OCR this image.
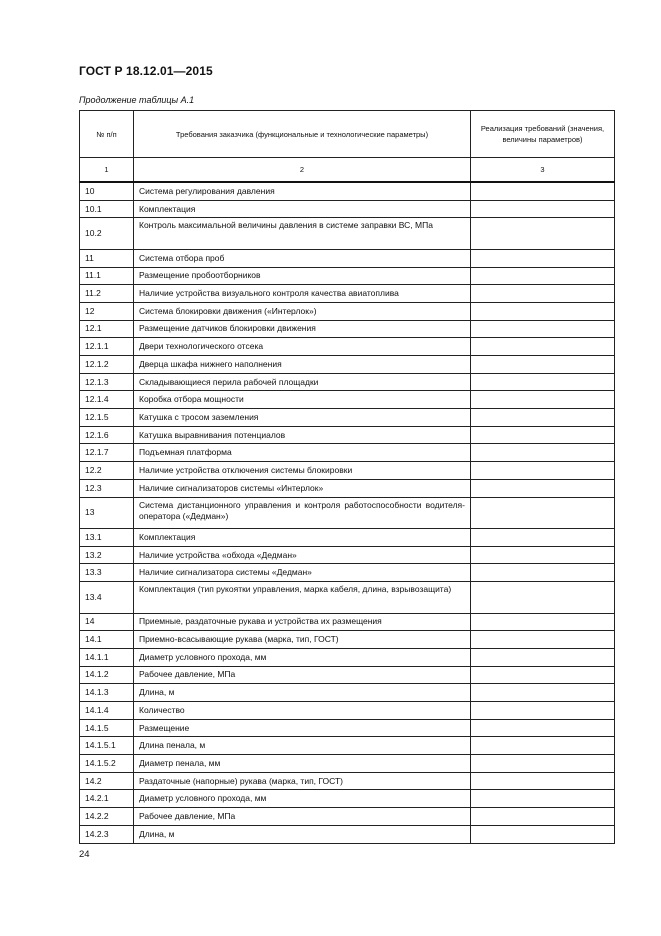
ГОСТ Р 18.12.01—2015
Продолжение таблицы А.1
№ п/п	Требования заказчика (функциональные и технологические параметры)	Реализация требований (значения, величины параметров)
1	2	3
10	Система регулирования давления	
10.1	Комплектация	
10.2	Контроль максимальной величины давления в системе заправки ВС, МПа	
11	Система отбора проб	
11.1	Размещение пробоотборников	
11.2	Наличие устройства визуального контроля качества авиатоплива	
12	Система блокировки движения («Интерлок»)	
12.1	Размещение датчиков блокировки движения	
12.1.1	Двери технологического отсека	
12.1.2	Дверца шкафа нижнего наполнения	
12.1.3	Складывающиеся перила рабочей площадки	
12.1.4	Коробка отбора мощности	
12.1.5	Катушка с тросом заземления	
12.1.6	Катушка выравнивания потенциалов	
12.1.7	Подъемная платформа	
12.2	Наличие устройства отключения системы блокировки	
12.3	Наличие сигнализаторов системы «Интерлок»	
13	Система дистанционного управления и контроля работоспособности водителя-оператора («Дедман»)	
13.1	Комплектация	
13.2	Наличие устройства «обхода «Дедман»	
13.3	Наличие сигнализатора системы «Дедман»	
13.4	Комплектация (тип рукоятки управления, марка кабеля, длина, взрывозащита)	
14	Приемные, раздаточные рукава и устройства их размещения	
14.1	Приемно-всасывающие рукава (марка, тип, ГОСТ)	
14.1.1	Диаметр условного прохода, мм	
14.1.2	Рабочее давление, МПа	
14.1.3	Длина, м	
14.1.4	Количество	
14.1.5	Размещение	
14.1.5.1	Длина пенала, м	
14.1.5.2	Диаметр пенала, мм	
14.2	Раздаточные (напорные) рукава (марка, тип, ГОСТ)	
14.2.1	Диаметр условного прохода, мм	
14.2.2	Рабочее давление, МПа	
14.2.3	Длина, м	
24
